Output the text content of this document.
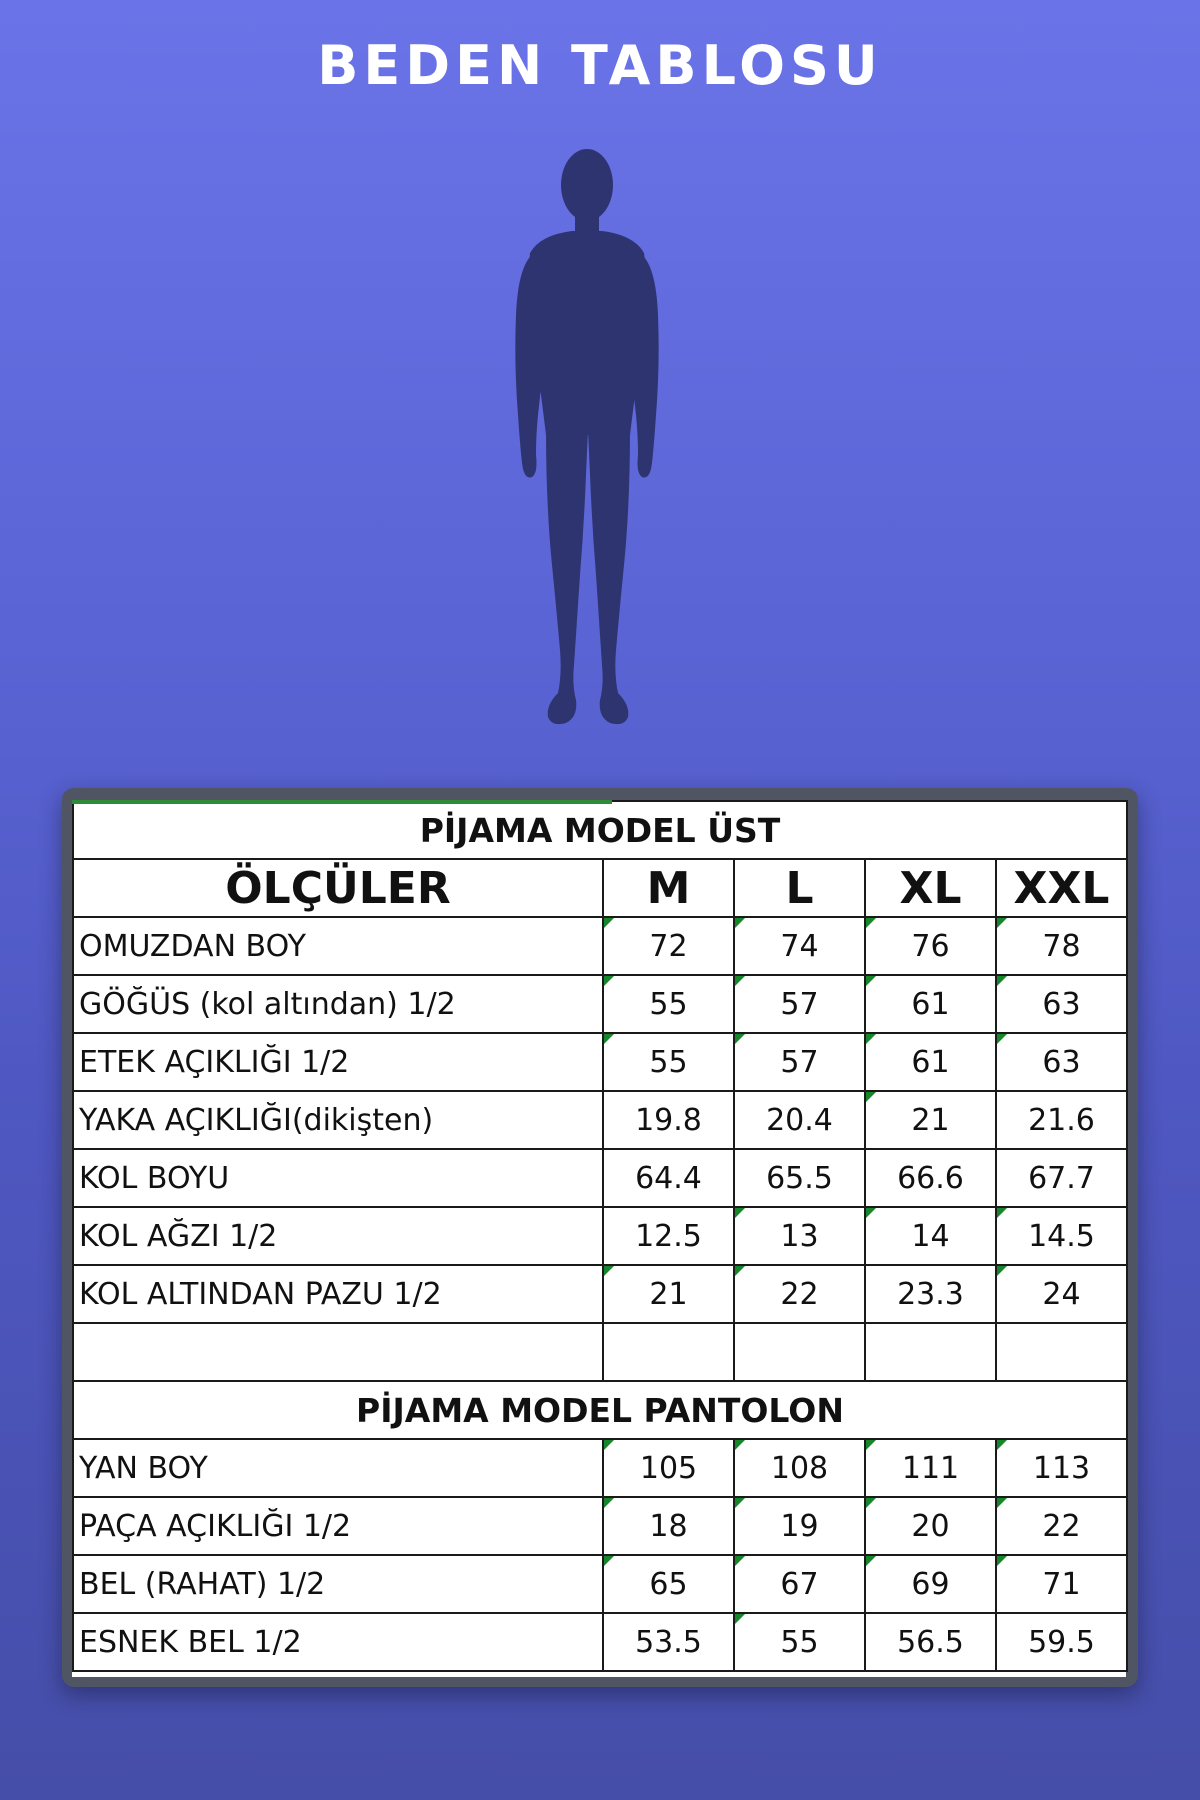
BEDEN TABLOSU
PİJAMA MODEL ÜST				
ÖLÇÜLER	M	L	XL	XXL
OMUZDAN BOY	72	74	76	78
GÖĞÜS (kol altından) 1/2	55	57	61	63
ETEK AÇIKLIĞI 1/2	55	57	61	63
YAKA AÇIKLIĞI(dikişten)	19.8	20.4	21	21.6
KOL BOYU	64.4	65.5	66.6	67.7
KOL AĞZI 1/2	12.5	13	14	14.5
KOL ALTINDAN PAZU 1/2	21	22	23.3	24

PİJAMA MODEL PANTOLON				
YAN BOY	105	108	111	113
PAÇA AÇIKLIĞI 1/2	18	19	20	22
BEL (RAHAT) 1/2	65	67	69	71
ESNEK BEL 1/2	53.5	55	56.5	59.5
